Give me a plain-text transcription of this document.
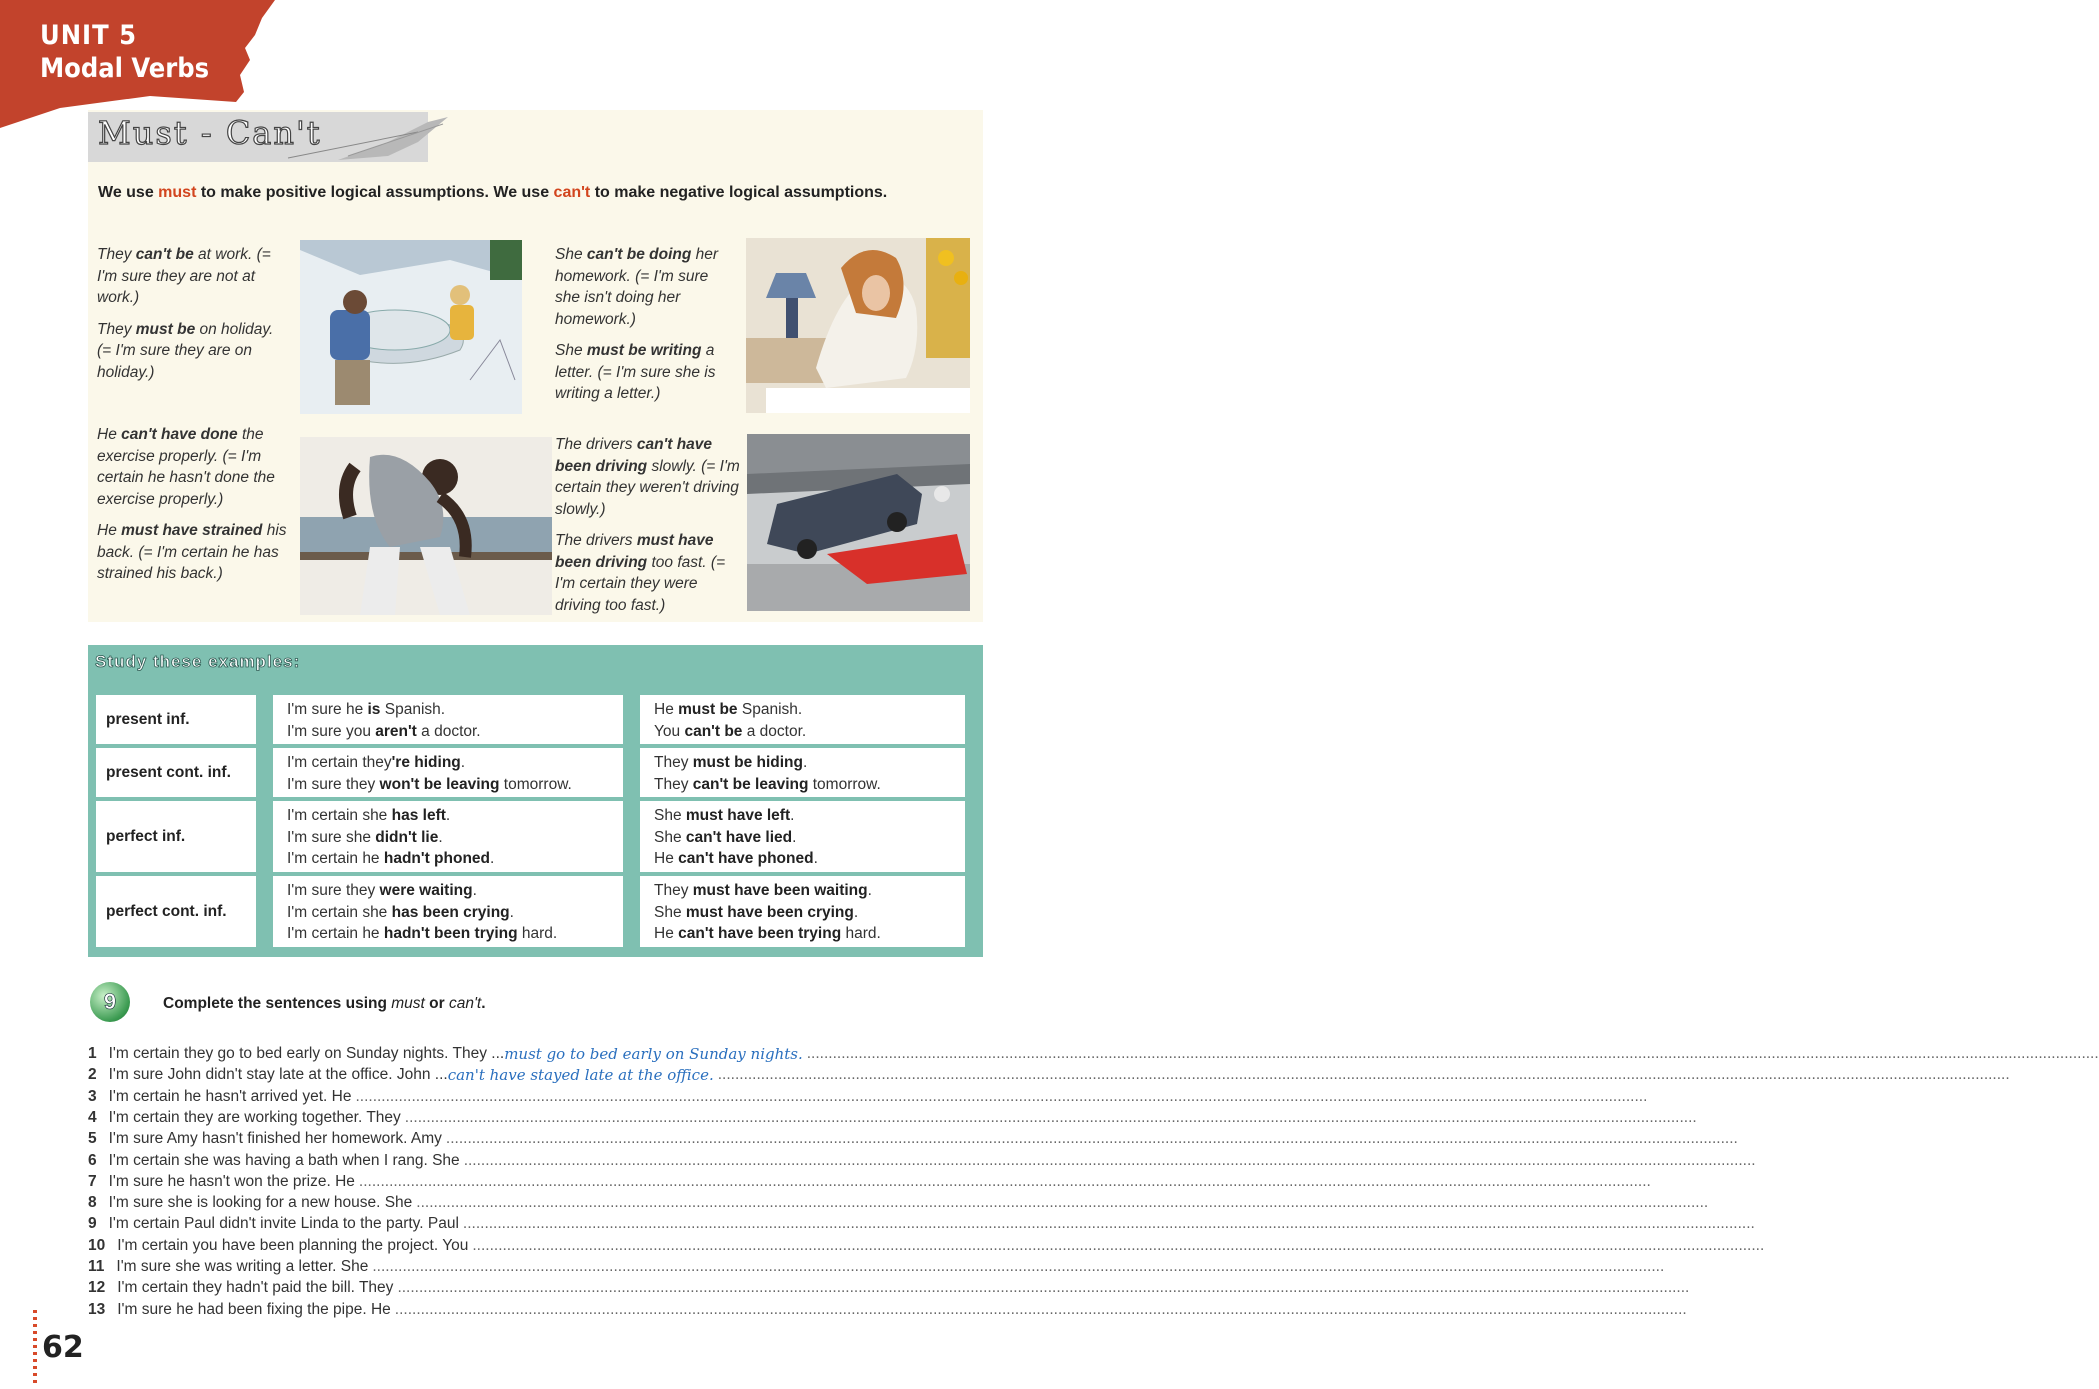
UNIT 5
Modal Verbs
Must - Can't
We use must to make positive logical assumptions. We use can't to make negative logical assumptions.

They can't be at work. (= I'm sure they are not at work.)

They must be on holiday. (= I'm sure they are on holiday.)

She can't be doing her homework. (= I'm sure she isn't doing her homework.)

She must be writing a letter. (= I'm sure she is writing a letter.)

He can't have done the exercise properly. (= I'm certain he hasn't done the exercise properly.)

He must have strained his back. (= I'm certain he has strained his back.)

The drivers can't have been driving slowly. (= I'm certain they weren't driving slowly.)

The drivers must have been driving too fast. (= I'm certain they were driving too fast.)

Study these examples:
present inf.
I'm sure he is Spanish.
I'm sure you aren't a doctor.
He must be Spanish.
You can't be a doctor.
present cont. inf.
I'm certain they're hiding.
I'm sure they won't be leaving tomorrow.
They must be hiding.
They can't be leaving tomorrow.
perfect inf.
I'm certain she has left.
I'm sure she didn't lie.
I'm certain he hadn't phoned.
She must have left.
She can't have lied.
He can't have phoned.
perfect cont. inf.
I'm sure they were waiting.
I'm certain she has been crying.
I'm certain he hadn't been trying hard.
They must have been waiting.
She must have been crying.
He can't have been trying hard.
9	Complete the sentences using must or can't.
1 I'm certain they go to bed early on Sunday nights. They ... must go to bed early on Sunday nights. ............................................................................................................................................................................................................................................................................................................
2 I'm sure John didn't stay late at the office. John ... can't have stayed late at the office. ............................................................................................................................................................................................................................................................................................................
3 I'm certain he hasn't arrived yet. He ............................................................................................................................................................................................................................................................................................................
4 I'm certain they are working together. They ............................................................................................................................................................................................................................................................................................................
5 I'm sure Amy hasn't finished her homework. Amy ............................................................................................................................................................................................................................................................................................................
6 I'm certain she was having a bath when I rang. She ............................................................................................................................................................................................................................................................................................................
7 I'm sure he hasn't won the prize. He ............................................................................................................................................................................................................................................................................................................
8 I'm sure she is looking for a new house. She ............................................................................................................................................................................................................................................................................................................
9 I'm certain Paul didn't invite Linda to the party. Paul ............................................................................................................................................................................................................................................................................................................
10 I'm certain you have been planning the project. You ............................................................................................................................................................................................................................................................................................................
11 I'm sure she was writing a letter. She ............................................................................................................................................................................................................................................................................................................
12 I'm certain they hadn't paid the bill. They ............................................................................................................................................................................................................................................................................................................
13 I'm sure he had been fixing the pipe. He ............................................................................................................................................................................................................................................................................................................
62
